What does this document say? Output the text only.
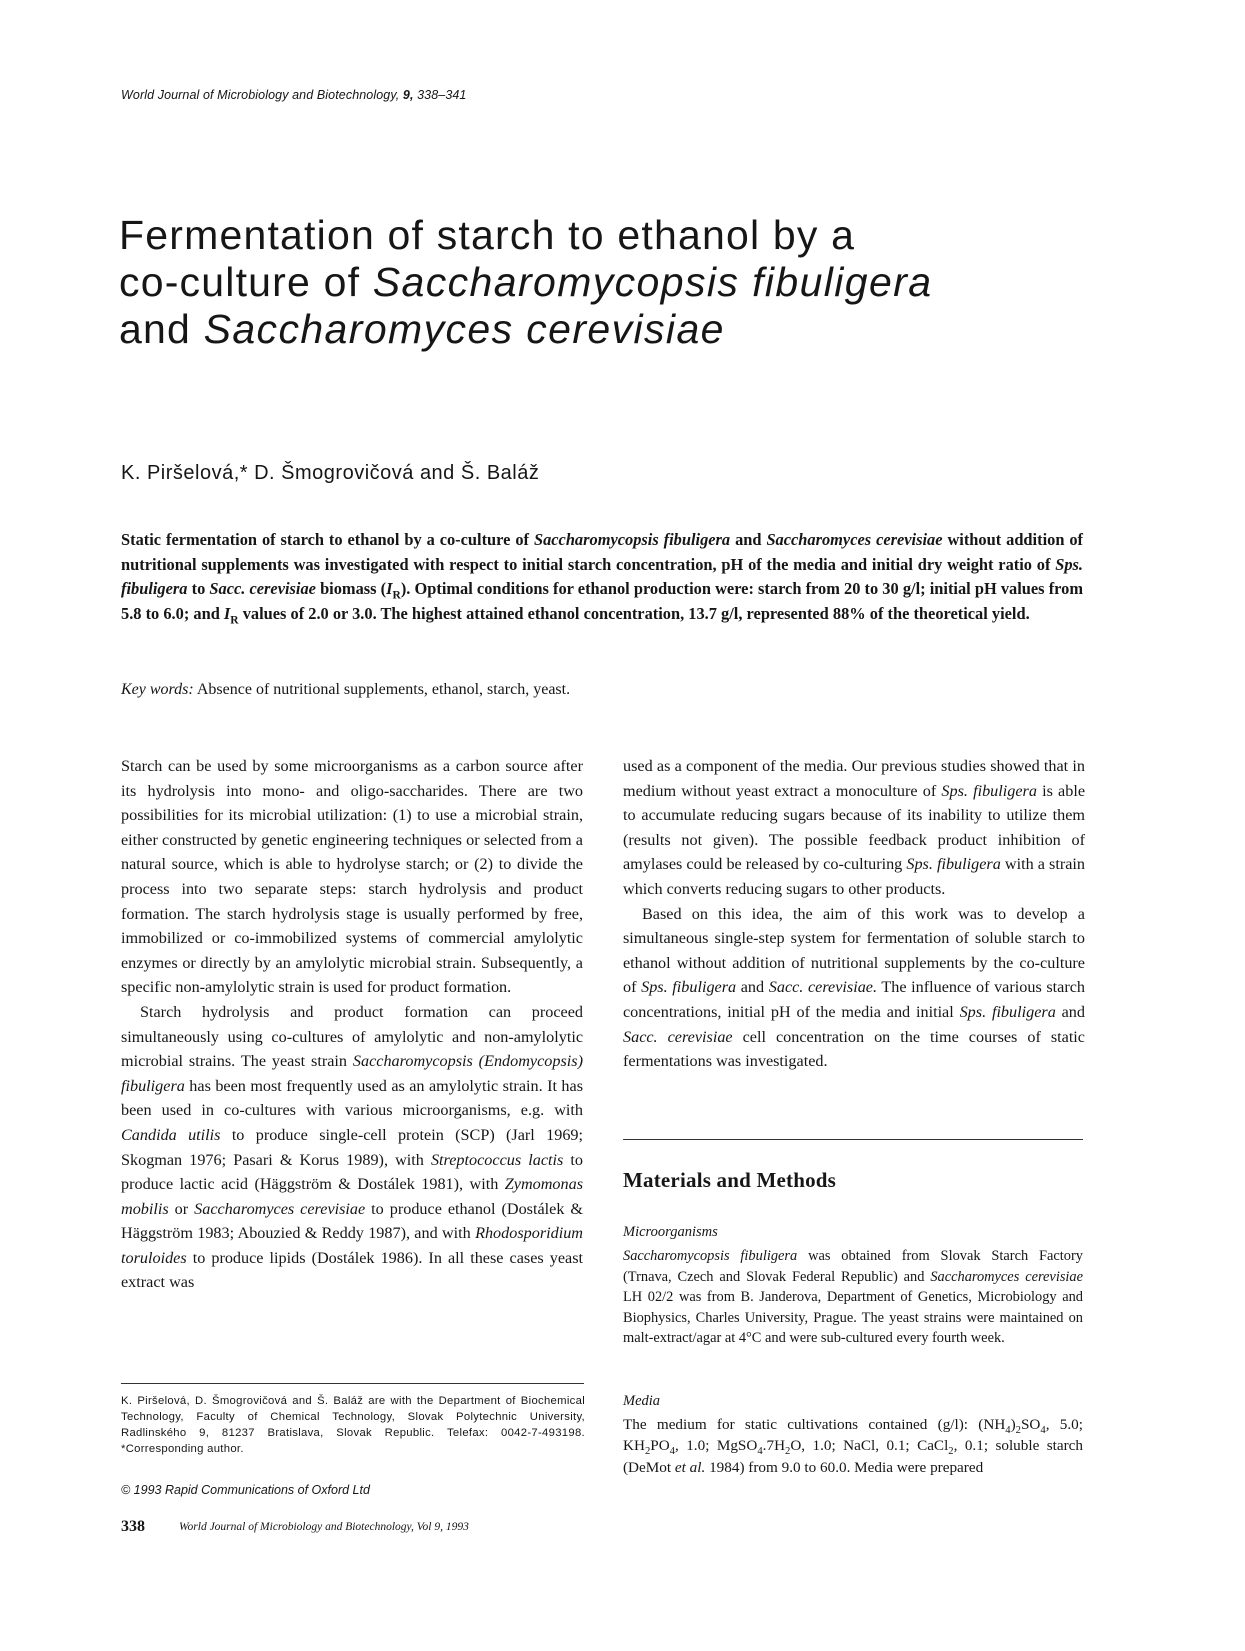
World Journal of Microbiology and Biotechnology, 9, 338–341
Fermentation of starch to ethanol by a
co-culture of Saccharomycopsis fibuligera
and Saccharomyces cerevisiae
K. Piršelová,* D. Šmogrovičová and Š. Baláž

Static fermentation of starch to ethanol by a co-culture of Saccharomycopsis fibuligera and Saccharomyces cerevisiae without addition of nutritional supplements was investigated with respect to initial starch concentration, pH of the media and initial dry weight ratio of Sps. fibuligera to Sacc. cerevisiae biomass $(I_R)$. Optimal conditions for ethanol production were: starch from 20 to 30 g/l; initial pH values from 5.8 to 6.0; and $I_R$ values of 2.0 or 3.0. The highest attained ethanol concentration, 13.7 g/l, represented 88% of the theoretical yield.

Key words: Absence of nutritional supplements, ethanol, starch, yeast.

Starch can be used by some microorganisms as a carbon source after its hydrolysis into mono- and oligo-saccharides. There are two possibilities for its microbial utilization: (1) to use a microbial strain, either constructed by genetic engineering techniques or selected from a natural source, which is able to hydrolyse starch; or (2) to divide the process into two separate steps: starch hydrolysis and product formation. The starch hydrolysis stage is usually performed by free, immobilized or co-immobilized systems of commercial amylolytic enzymes or directly by an amylolytic microbial strain. Subsequently, a specific non-amylolytic strain is used for product formation.

Starch hydrolysis and product formation can proceed simultaneously using co-cultures of amylolytic and non-amylolytic microbial strains. The yeast strain Saccharomycopsis (Endomycopsis) fibuligera has been most frequently used as an amylolytic strain. It has been used in co-cultures with various microorganisms, e.g. with Candida utilis to produce single-cell protein (SCP) (Jarl 1969; Skogman 1976; Pasari & Korus 1989), with Streptococcus lactis to produce lactic acid (Häggström & Dostálek 1981), with Zymomonas mobilis or Saccharomyces cerevisiae to produce ethanol (Dostálek & Häggström 1983; Abouzied & Reddy 1987), and with Rhodosporidium toruloides to produce lipids (Dostálek 1986). In all these cases yeast extract was

used as a component of the media. Our previous studies showed that in medium without yeast extract a monoculture of Sps. fibuligera is able to accumulate reducing sugars because of its inability to utilize them (results not given). The possible feedback product inhibition of amylases could be released by co-culturing Sps. fibuligera with a strain which converts reducing sugars to other products.

Based on this idea, the aim of this work was to develop a simultaneous single-step system for fermentation of soluble starch to ethanol without addition of nutritional supplements by the co-culture of Sps. fibuligera and Sacc. cerevisiae. The influence of various starch concentrations, initial pH of the media and initial Sps. fibuligera and Sacc. cerevisiae cell concentration on the time courses of static fermentations was investigated.

Materials and Methods
Microorganisms

Saccharomycopsis fibuligera was obtained from Slovak Starch Factory (Trnava, Czech and Slovak Federal Republic) and Saccharomyces cerevisiae LH 02/2 was from B. Janderova, Department of Genetics, Microbiology and Biophysics, Charles University, Prague. The yeast strains were maintained on malt-extract/agar at 4°C and were sub-cultured every fourth week.

Media

The medium for static cultivations contained (g/l): $(NH_4)_2SO_4$, 5.0; $KH_2PO_4$, 1.0; $MgSO_4.7H_2O$, 1.0; NaCl, 0.1; CaCl$_2$, 0.1; soluble starch (DeMot et al. 1984) from 9.0 to 60.0. Media were prepared

K. Piršelová, D. Šmogrovičová and Š. Baláž are with the Department of Biochemical Technology, Faculty of Chemical Technology, Slovak Polytechnic University, Radlinského 9, 81237 Bratislava, Slovak Republic. Telefax: 0042-7-493198. *Corresponding author.

© 1993 Rapid Communications of Oxford Ltd
338	World Journal of Microbiology and Biotechnology, Vol 9, 1993
